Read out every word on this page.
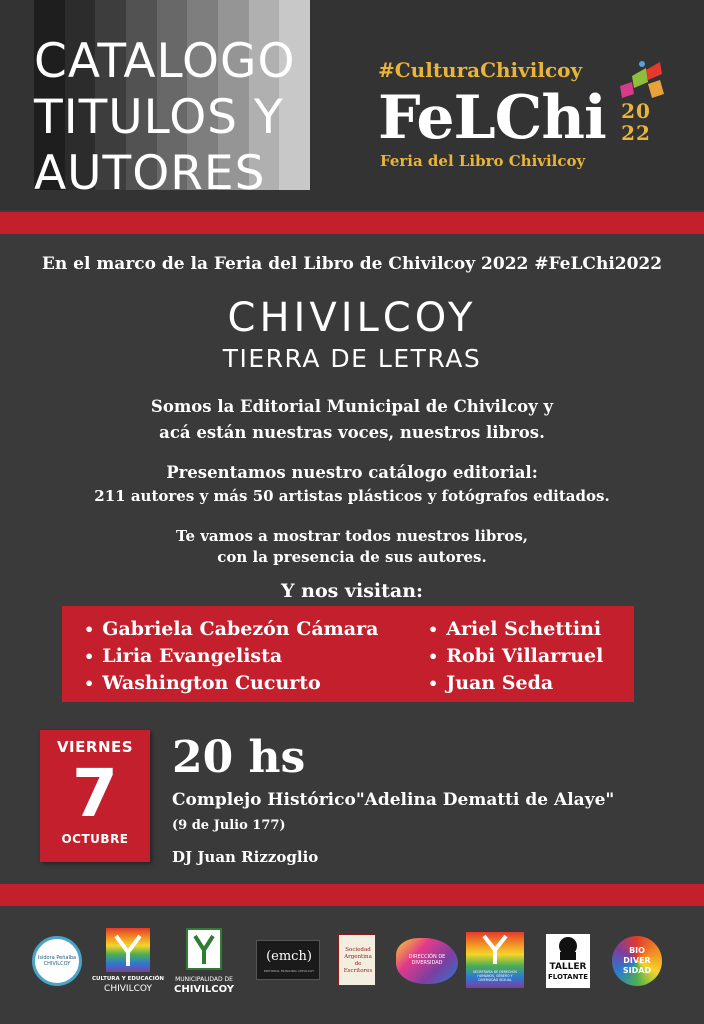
CATALOGO
TITULOS Y
AUTORES
#CulturaChivilcoy
FeLChi 20
22
Feria del Libro Chivilcoy
En el marco de la Feria del Libro de Chivilcoy 2022 #FeLChi2022
CHIVILCOY
TIERRA DE LETRAS
Somos la Editorial Municipal de Chivilcoy y
acá están nuestras voces, nuestros libros.
Presentamos nuestro catálogo editorial:
211 autores y más 50 artistas plásticos y fotógrafos editados.
Te vamos a mostrar todos nuestros libros,
con la presencia de sus autores.
Y nos visitan:
• Gabriela Cabezón Cámara
• Liria Evangelista
• Washington Cucurto
• Ariel Schettini
• Robi Villarruel
• Juan Seda
VIERNES
7
OCTUBRE
20 hs
Complejo Histórico"Adelina Dematti de Alaye"
(9 de Julio 177)
DJ Juan Rizzoglio
Isidora Peñalba CHIVILCOY
CULTURA Y EDUCACIÓN
CHIVILCOY
MUNICIPALIDAD DE
CHIVILCOY
(emch)
EDITORIAL MUNICIPAL CHIVILCOY
Sociedad Argentina de Escritores
DIRECCIÓN DE DIVERSIDAD
SECRETARÍA DE DERECHOS HUMANOS, GÉNERO Y DIVERSIDAD SEXUAL
TALLER
FLOTANTE
BIO
DIVER
SIDAD
